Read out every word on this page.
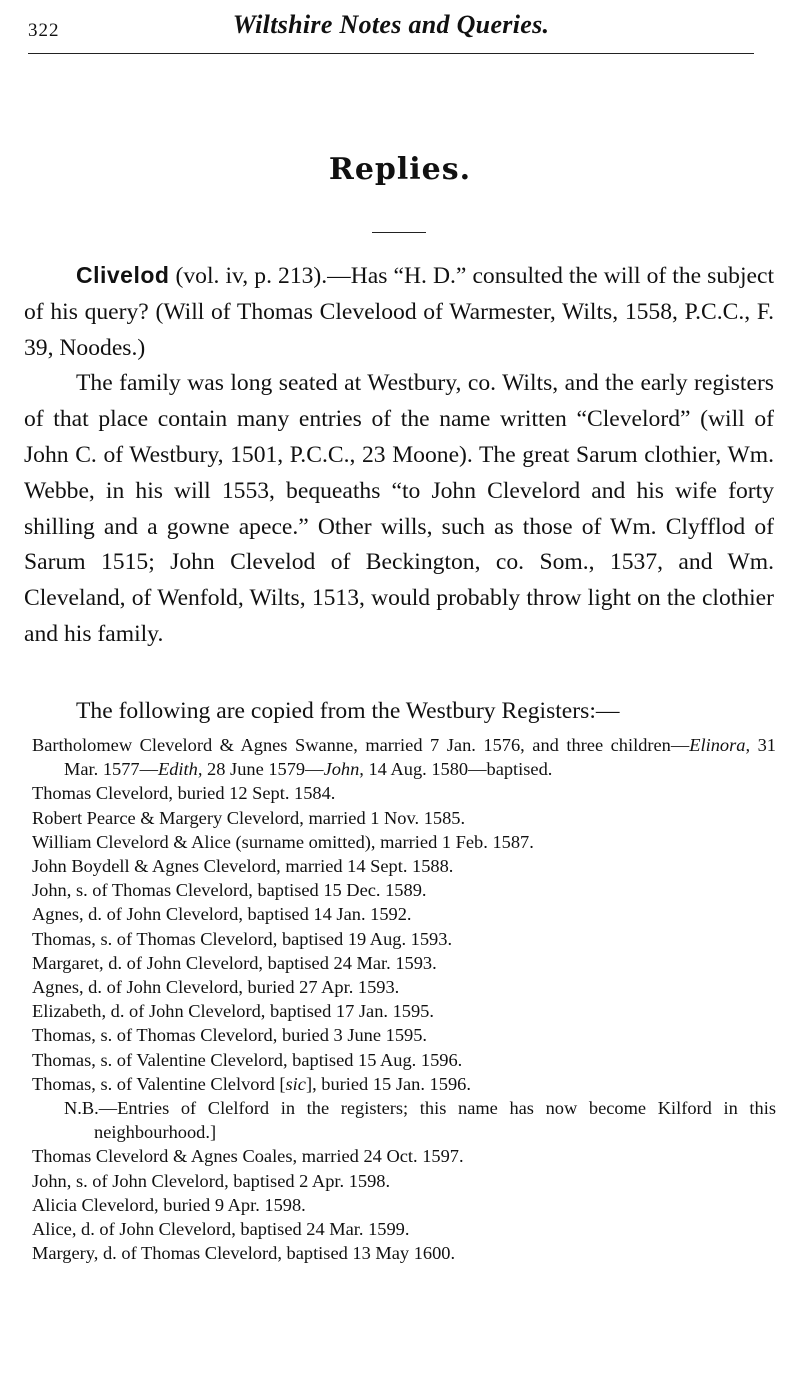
322	Wiltshire Notes and Queries.
Replies.

Clivelod (vol. iv, p. 213).—Has “H. D.” consulted the will of the subject of his query? (Will of Thomas Clevelood of Warmester, Wilts, 1558, P.C.C., F. 39, Noodes.)

The family was long seated at Westbury, co. Wilts, and the early registers of that place contain many entries of the name written “Clevelord” (will of John C. of Westbury, 1501, P.C.C., 23 Moone). The great Sarum clothier, Wm. Webbe, in his will 1553, bequeaths “to John Clevelord and his wife forty shilling and a gowne apece.” Other wills, such as those of Wm. Clyfflod of Sarum 1515; John Clevelod of Beckington, co. Som., 1537, and Wm. Cleveland, of Wenfold, Wilts, 1513, would probably throw light on the clothier and his family.

The following are copied from the Westbury Registers:—

Bartholomew Clevelord & Agnes Swanne, married 7 Jan. 1576, and three children—Elinora, 31 Mar. 1577—Edith, 28 June 1579—John, 14 Aug. 1580—baptised.

Thomas Clevelord, buried 12 Sept. 1584.

Robert Pearce & Margery Clevelord, married 1 Nov. 1585.

William Clevelord & Alice (surname omitted), married 1 Feb. 1587.

John Boydell & Agnes Clevelord, married 14 Sept. 1588.

John, s. of Thomas Clevelord, baptised 15 Dec. 1589.

Agnes, d. of John Clevelord, baptised 14 Jan. 1592.

Thomas, s. of Thomas Clevelord, baptised 19 Aug. 1593.

Margaret, d. of John Clevelord, baptised 24 Mar. 1593.

Agnes, d. of John Clevelord, buried 27 Apr. 1593.

Elizabeth, d. of John Clevelord, baptised 17 Jan. 1595.

Thomas, s. of Thomas Clevelord, buried 3 June 1595.

Thomas, s. of Valentine Clevelord, baptised 15 Aug. 1596.

Thomas, s. of Valentine Clelvord [sic], buried 15 Jan. 1596.

N.B.—Entries of Clelford in the registers; this name has now become Kilford in this neighbourhood.]

Thomas Clevelord & Agnes Coales, married 24 Oct. 1597.

John, s. of John Clevelord, baptised 2 Apr. 1598.

Alicia Clevelord, buried 9 Apr. 1598.

Alice, d. of John Clevelord, baptised 24 Mar. 1599.

Margery, d. of Thomas Clevelord, baptised 13 May 1600.
